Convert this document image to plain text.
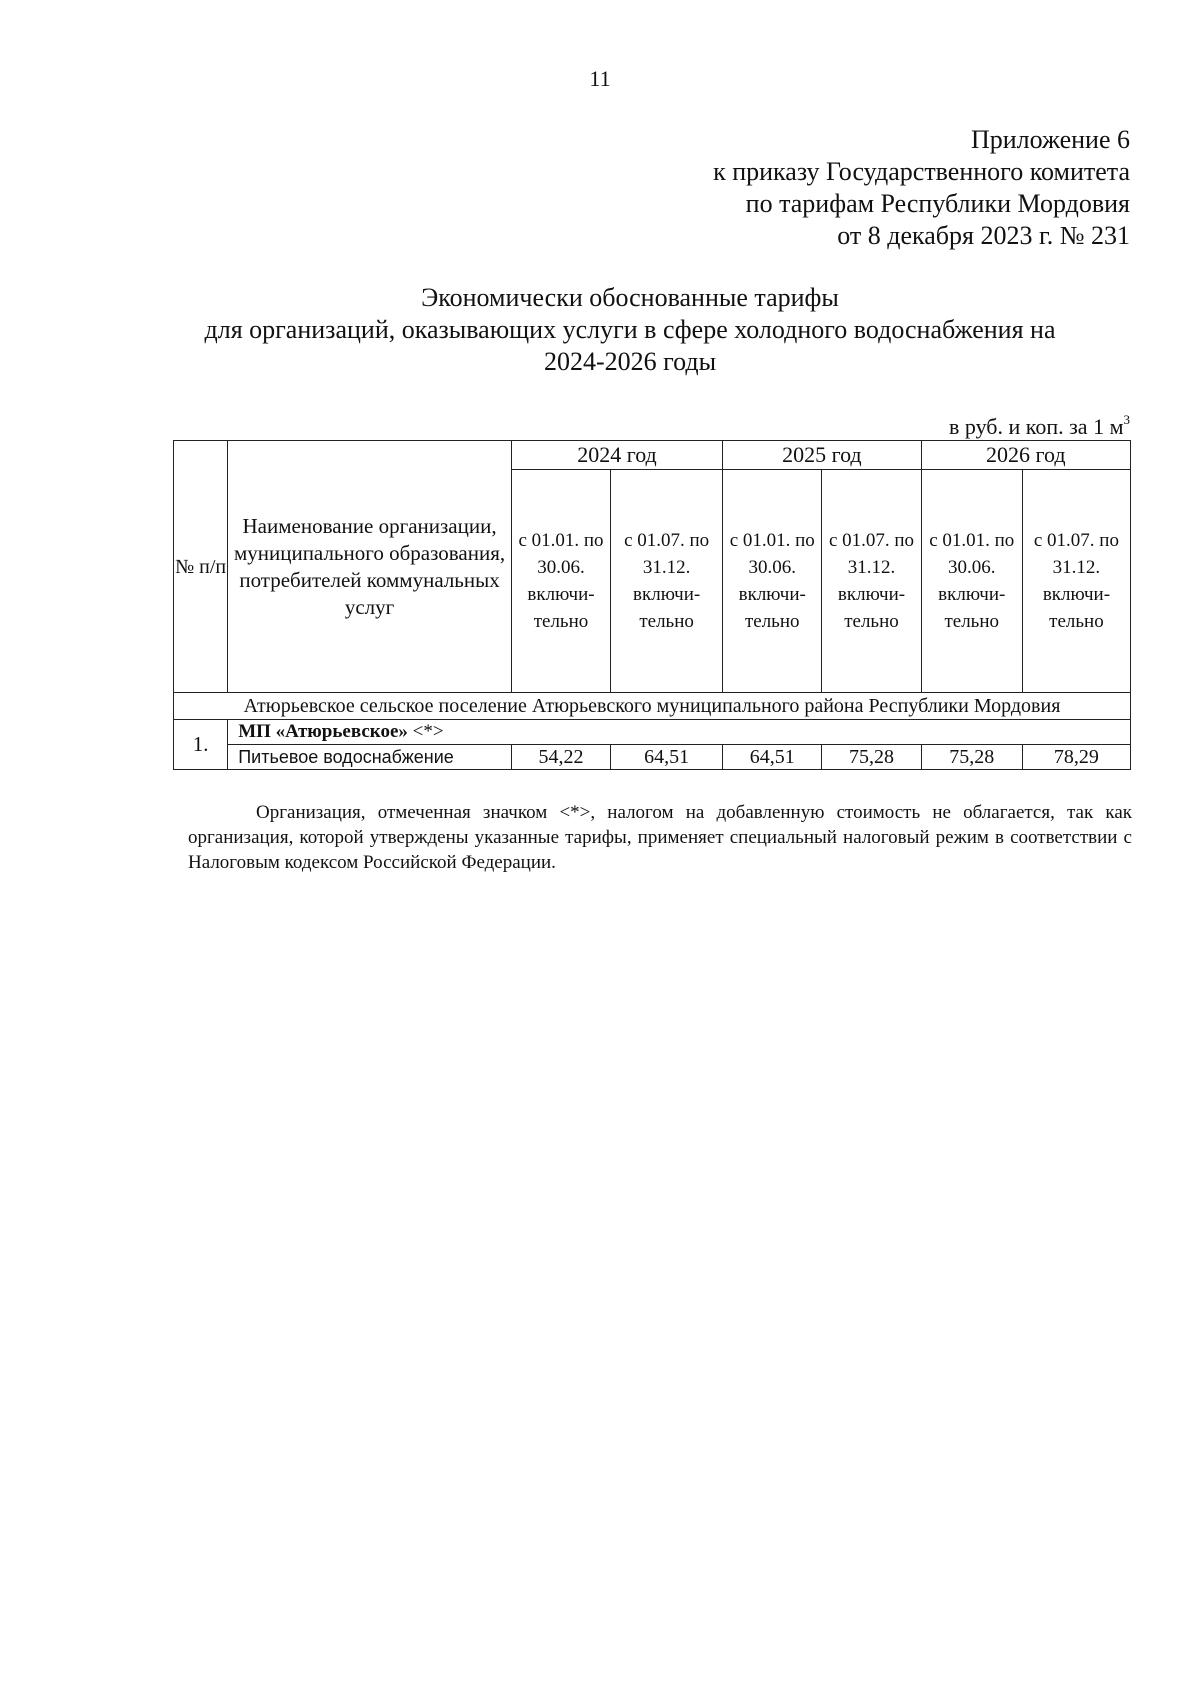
11
Приложение 6
к приказу Государственного комитета
по тарифам Республики Мордовия
от 8 декабря 2023 г. № 231
Экономически обоснованные тарифы
для организаций, оказывающих услуги в сфере холодного водоснабжения на
2024-2026 годы
в руб. и коп. за 1 $м^3$
№ п/п	Наименование организации, муниципального образования, потребителей коммунальных услуг	2024 год		2025 год		2026 год	
		с 01.01. по 30.06. включи-тельно	с 01.07. по 31.12. включи-тельно	с 01.01. по 30.06. включи-тельно	с 01.07. по 31.12. включи-тельно	с 01.01. по 30.06. включи-тельно	с 01.07. по 31.12. включи-тельно
Атюрьевское сельское поселение Атюрьевского муниципального района Республики Мордовия							
1.	МП «Атюрьевское» <*>						
	Питьевое водоснабжение	54,22	64,51	64,51	75,28	75,28	78,29
Организация, отмеченная значком <*>, налогом на добавленную стоимость не облагается, так как организация, которой утверждены указанные тарифы, применяет специальный налоговый режим в соответствии с Налоговым кодексом Российской Федерации.
